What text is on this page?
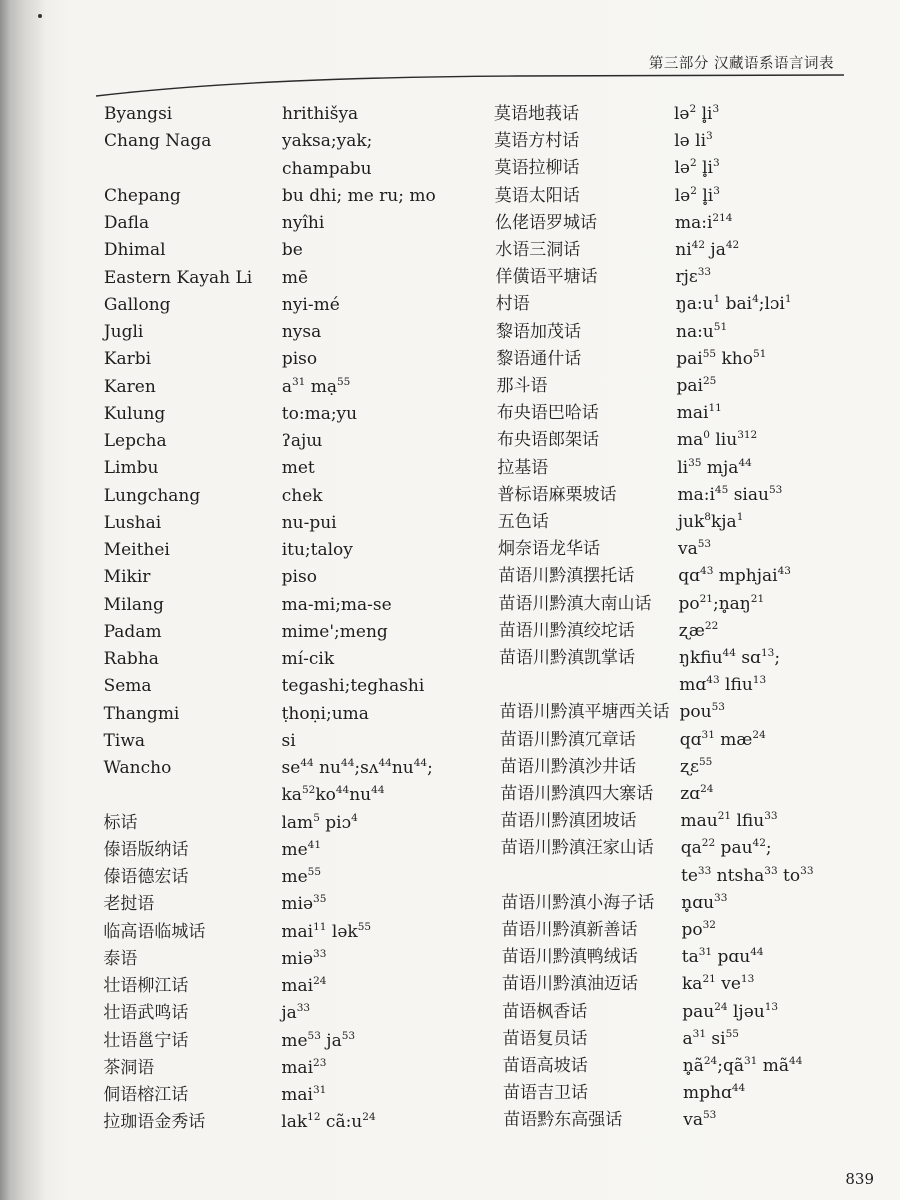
第三部分 汉藏语系语言词表
Byangsi	hrithišya
Chang Naga	yaksa;yak;
champabu
Chepang	bu dhi; me ru; mo
Dafla	nyîhi
Dhimal	be
Eastern Kayah Li mē
Gallong	nyi-mé
Jugli	nysa
Karbi	piso
Karen	$a^{31}$ mạ$^{55}$
Kulung	to:ma;yu
Lepcha	ʔajɯ
Limbu	met
Lungchang	chek
Lushai	nu-pui
Meithei	itu;taloy
Mikir	piso
Milang	ma-mi;ma-se
Padam	mime';meng
Rabha	mí-cik
Sema	tegashi;teghashi
Thangmi	ṭhoṇi;uma
Tiwa	si
Wancho	$se^{44}$ $nu^{44};sʌ^{44}nu^{44}$;
$ka^{52}ko^{44}nu^{44}$
标话	lam$^5$ piɔ$^4$
傣语版纳话	$me^{41}$
傣语德宏话	$me^{55}$
老挝语	miə$^{35}$
临高语临城话	mai$^{11}$ lək$^{55}$
泰语	miə$^{33}$
壮语柳江话	mai$^{24}$
壮语武鸣话	$ja^{33}$
壮语邕宁话	$me^{53}$ $ja^{53}$
茶洞语	mai$^{23}$
侗语榕江话	mai$^{31}$
拉珈语金秀话	lak$^{12}$ $cã:u^{24}$
莫语地莪话	lə$^2$ $l̥i^3$
莫语方村话	lə $li^3$
莫语拉柳话	lə$^2$ $l̥i^3$
莫语太阳话	lə$^2$ $l̥i^3$
仫佬语罗城话	$ma:i^{214}$
水语三洞话	$ni^{42}$ $ja^{42}$
佯僙语平塘话	rjɛ$^{33}$
村语	$ŋa:u^1$ bai$^4$;lɔi$^1$
黎语加茂话	$na:u^{51}$
黎语通什话	pai$^{55}$ kho$^{51}$
那斗语	pai$^{25}$
布央语巴哈话	mai$^{11}$
布央语郎架话	$ma^0$ liu$^{312}$
拉基语	$li^{35}$ mja$^{44}$
普标语麻栗坡话	$ma:i^{45}$ siau$^{53}$
五色话	juk$^8$kja$^1$
炯奈语龙华话	$va^{53}$
苗语川黔滇摆托话	qɑ$^{43}$ mphjai$^{43}$
苗语川黔滇大南山话 $po^{21};n̥aŋ^{21}$
苗语川黔滇绞坨话	ʐæ$^{22}$
苗语川黔滇凯掌话	ŋkfiu$^{44}$ sɑ$^{13}$;
mɑ$^{43}$ lfiu$^{13}$
苗语川黔滇平塘西关话 pou$^{53}$
苗语川黔滇冗章话	qɑ$^{31}$ $mæ^{24}$
苗语川黔滇沙井话	ʐɛ$^{55}$
苗语川黔滇四大寨话 zɑ$^{24}$
苗语川黔滇团坡话	mau$^{21}$ lfiu$^{33}$
苗语川黔滇汪家山话 $qa^{22}$ pau$^{42}$;
$te^{33}$ ntsha$^{33}$ $to^{33}$
苗语川黔滇小海子话 n̥ɑu$^{33}$
苗语川黔滇新善话	$po^{32}$
苗语川黔滇鸭绒话	$ta^{31}$ pɑu$^{44}$
苗语川黔滇油迈话	$ka^{21}$ $ve^{13}$
苗语枫香话	pau$^{24}$ ljəu$^{13}$
苗语复员话	$a^{31}$ $si^{55}$
苗语高坡话	$n̥ã^{24};qã^{31}$ $mã^{44}$
苗语吉卫话	mphɑ$^{44}$
苗语黔东高强话	$va^{53}$
839
